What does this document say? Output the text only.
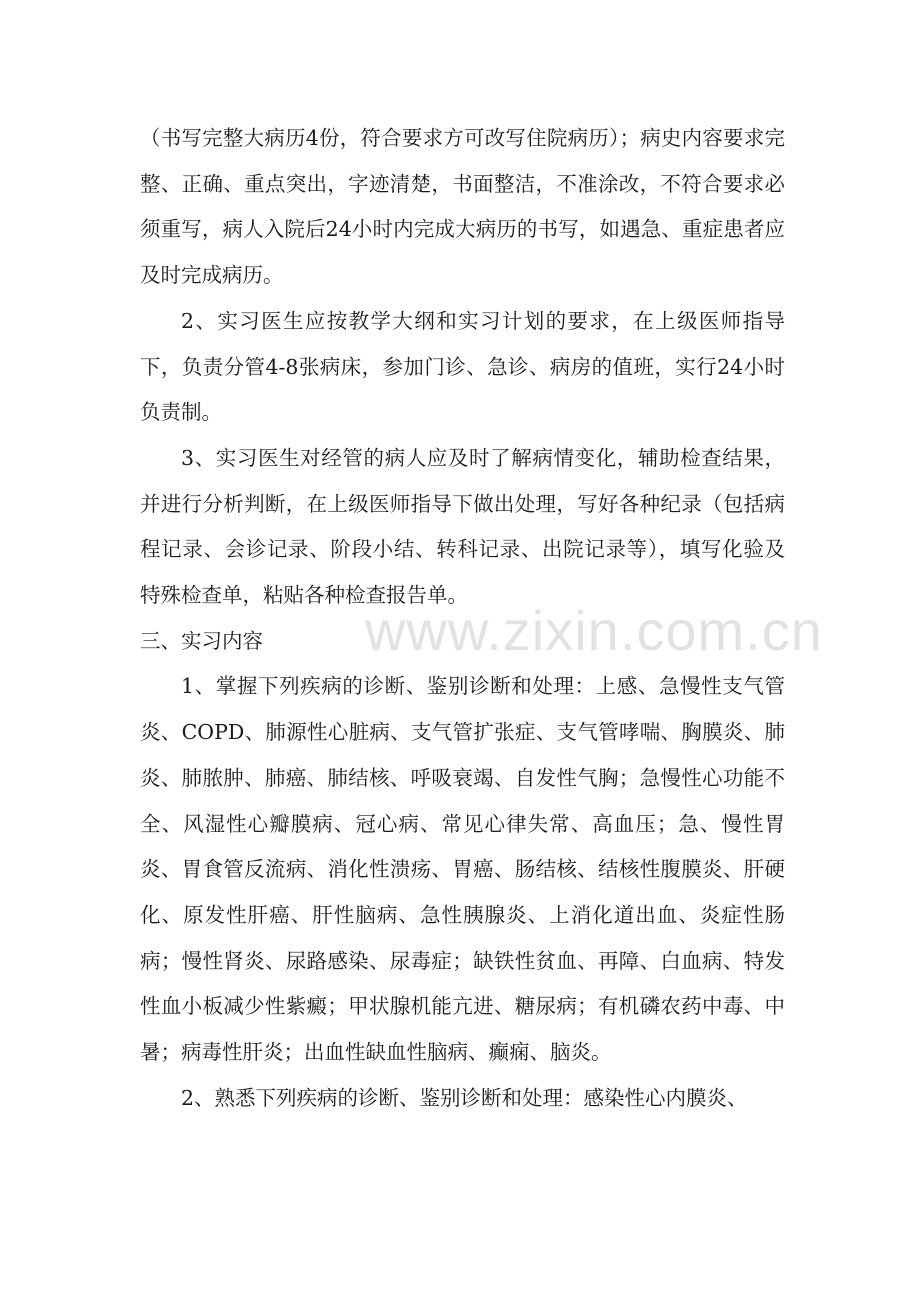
（书写完整大病历4份，符合要求方可改写住院病历）；病史内容要求完整、正确、重点突出，字迹清楚，书面整洁，不准涂改，不符合要求必须重写，病人入院后24小时内完成大病历的书写，如遇急、重症患者应及时完成病历。

2、实习医生应按教学大纲和实习计划的要求，在上级医师指导下，负责分管4-8张病床，参加门诊、急诊、病房的值班，实行24小时负责制。

3、实习医生对经管的病人应及时了解病情变化，辅助检查结果，并进行分析判断，在上级医师指导下做出处理，写好各种纪录（包括病程记录、会诊记录、阶段小结、转科记录、出院记录等），填写化验及特殊检查单，粘贴各种检查报告单。

三、实习内容

1、掌握下列疾病的诊断、鉴别诊断和处理：上感、急慢性支气管炎、COPD、肺源性心脏病、支气管扩张症、支气管哮喘、胸膜炎、肺炎、肺脓肿、肺癌、肺结核、呼吸衰竭、自发性气胸；急慢性心功能不全、风湿性心瓣膜病、冠心病、常见心律失常、高血压；急、慢性胃炎、胃食管反流病、消化性溃疡、胃癌、肠结核、结核性腹膜炎、肝硬化、原发性肝癌、肝性脑病、急性胰腺炎、上消化道出血、炎症性肠病；慢性肾炎、尿路感染、尿毒症；缺铁性贫血、再障、白血病、特发性血小板减少性紫癜；甲状腺机能亢进、糖尿病；有机磷农药中毒、中暑；病毒性肝炎；出血性缺血性脑病、癫痫、脑炎。

2、熟悉下列疾病的诊断、鉴别诊断和处理：感染性心内膜炎、

www.zixin.com.cn
